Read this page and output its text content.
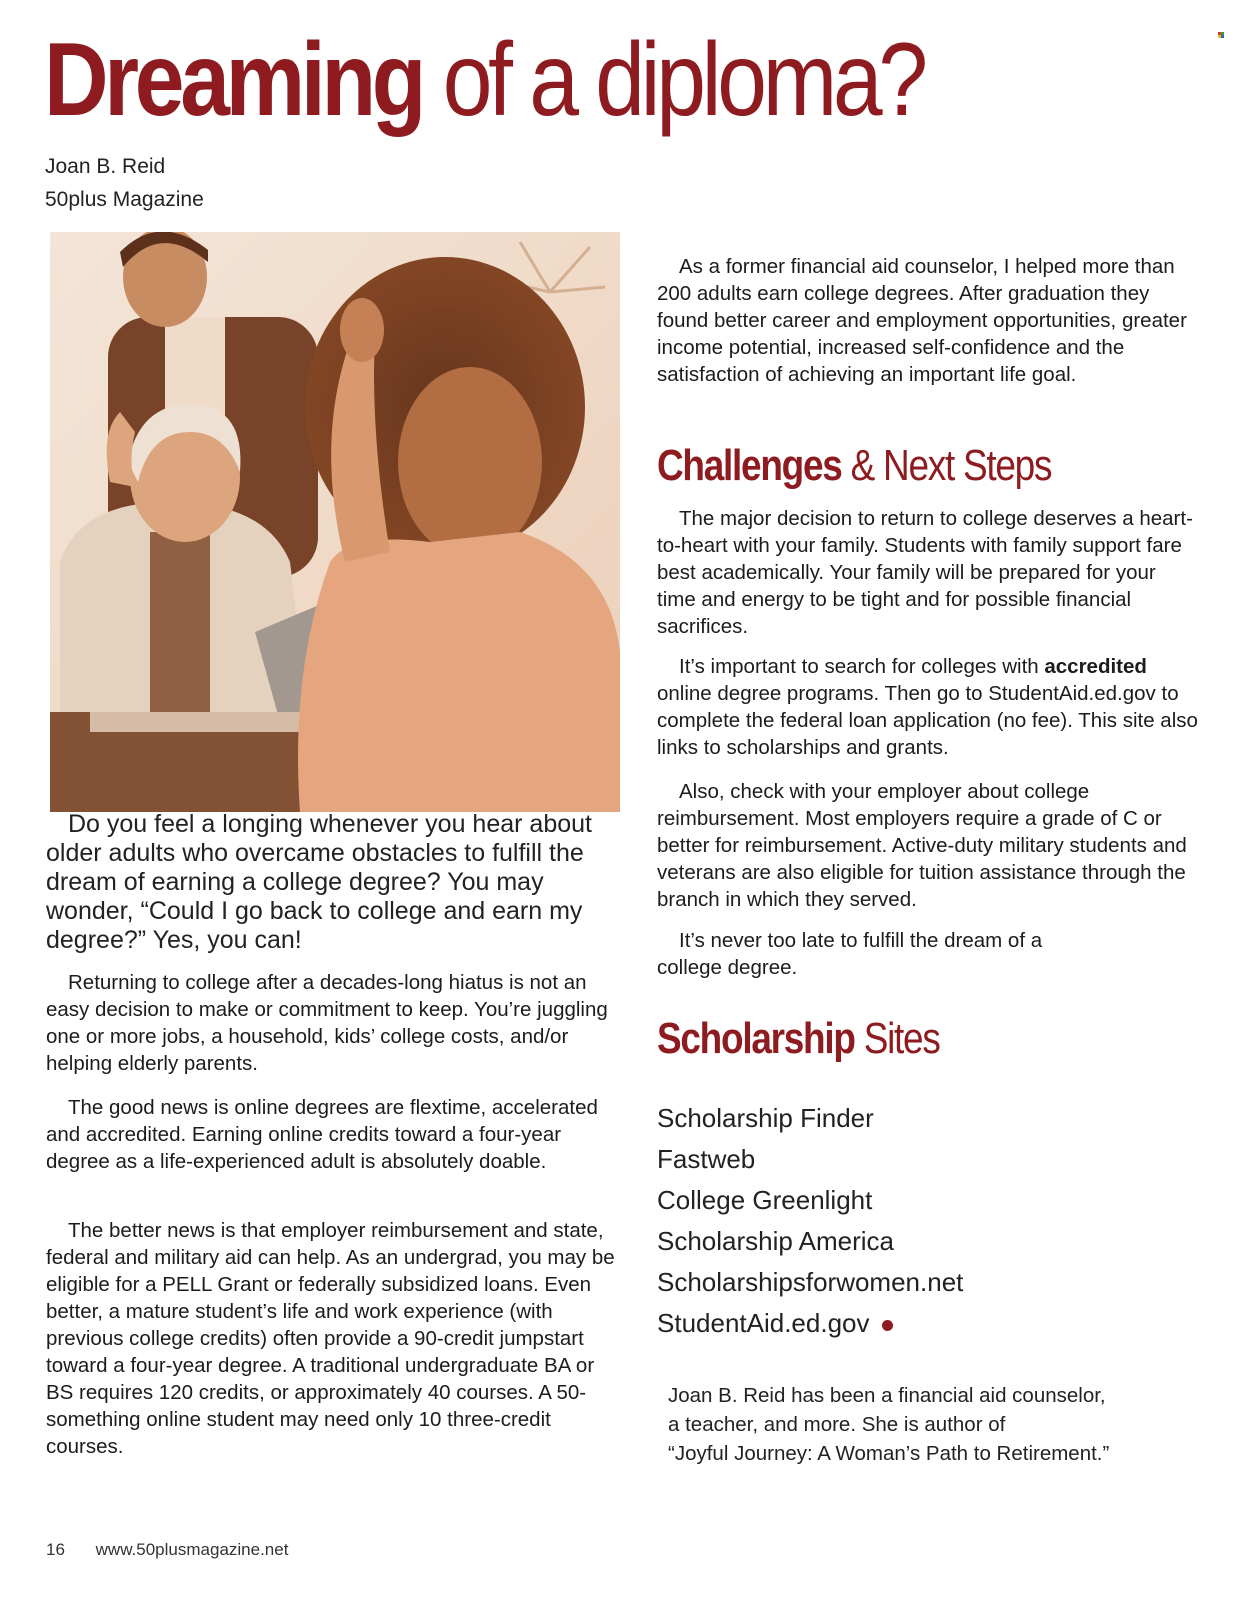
Dreaming of a diploma?
Joan B. Reid
50plus Magazine

Do you feel a longing whenever you hear about older adults who overcame obstacles to fulfill the dream of earning a college degree? You may wonder, “Could I go back to college and earn my degree?” Yes, you can!

Returning to college after a decades-long hiatus is not an easy decision to make or commitment to keep. You’re juggling one or more jobs, a household, kids’ college costs, and/or helping elderly parents.

The good news is online degrees are flextime, accelerated and accredited. Earning online credits toward a four-year degree as a life-experienced adult is absolutely doable.

The better news is that employer reimbursement and state, federal and military aid can help. As an undergrad, you may be eligible for a PELL Grant or federally subsidized loans. Even better, a mature student’s life and work experience (with previous college credits) often provide a 90-credit jumpstart toward a four-year degree. A traditional undergraduate BA or BS requires 120 credits, or approximately 40 courses. A 50-something online student may need only 10 three-credit courses.

As a former financial aid counselor, I helped more than 200 adults earn college degrees. After graduation they found better career and employment opportunities, greater income potential, increased self-confidence and the satisfaction of achieving an important life goal.

Challenges & Next Steps

The major decision to return to college deserves a heart-to-heart with your family. Students with family support fare best academically. Your family will be prepared for your time and energy to be tight and for possible financial sacrifices.

It’s important to search for colleges with accredited online degree programs. Then go to StudentAid.ed.gov to complete the federal loan application (no fee). This site also links to scholarships and grants.

Also, check with your employer about college reimbursement. Most employers require a grade of C or better for reimbursement. Active-duty military students and veterans are also eligible for tuition assistance through the branch in which they served.

It’s never too late to fulfill the dream of a college degree.

Scholarship Sites
Scholarship Finder
Fastweb
College Greenlight
Scholarship America
Scholarshipsforwomen.net
StudentAid.ed.gov
Joan B. Reid has been a financial aid counselor,
a teacher, and more. She is author of
“Joyful Journey: A Woman’s Path to Retirement.”
16 www.50plusmagazine.net
